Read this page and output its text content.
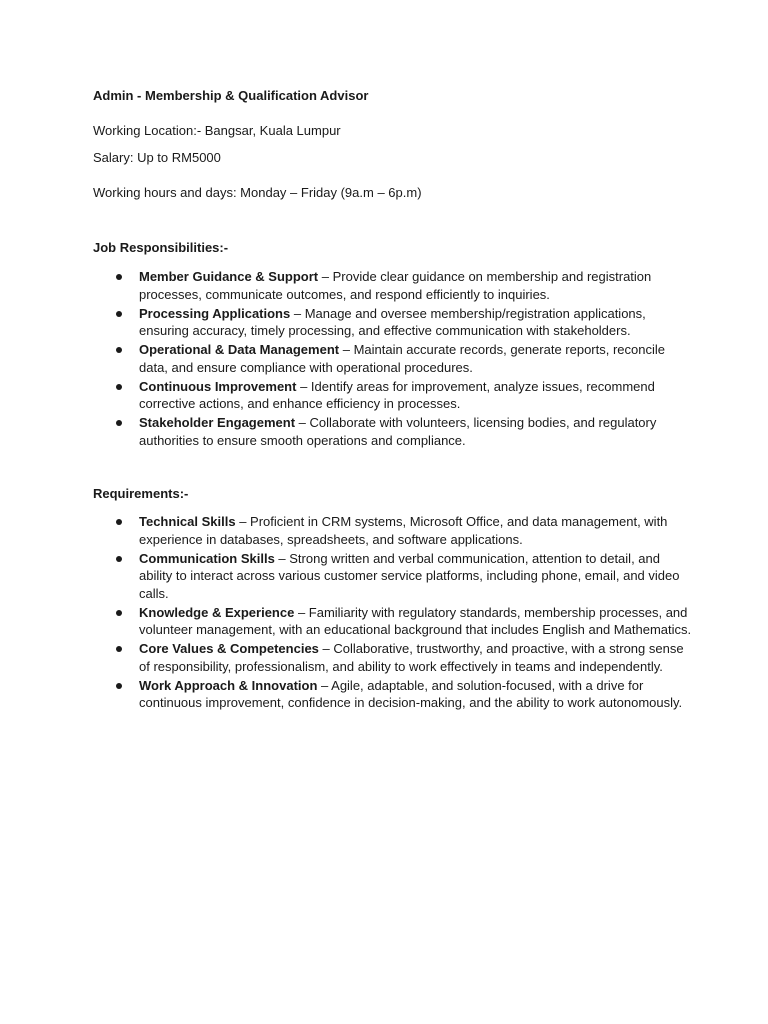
Admin - Membership & Qualification Advisor

Working Location:- Bangsar, Kuala Lumpur

Salary: Up to RM5000

Working hours and days: Monday – Friday (9a.m – 6p.m)

Job Responsibilities:-
Member Guidance & Support – Provide clear guidance on membership and registration processes, communicate outcomes, and respond efficiently to inquiries.
Processing Applications – Manage and oversee membership/registration applications, ensuring accuracy, timely processing, and effective communication with stakeholders.
Operational & Data Management – Maintain accurate records, generate reports, reconcile data, and ensure compliance with operational procedures.
Continuous Improvement – Identify areas for improvement, analyze issues, recommend corrective actions, and enhance efficiency in processes.
Stakeholder Engagement – Collaborate with volunteers, licensing bodies, and regulatory authorities to ensure smooth operations and compliance.
Requirements:-
Technical Skills – Proficient in CRM systems, Microsoft Office, and data management, with experience in databases, spreadsheets, and software applications.
Communication Skills – Strong written and verbal communication, attention to detail, and ability to interact across various customer service platforms, including phone, email, and video calls.
Knowledge & Experience – Familiarity with regulatory standards, membership processes, and volunteer management, with an educational background that includes English and Mathematics.
Core Values & Competencies – Collaborative, trustworthy, and proactive, with a strong sense of responsibility, professionalism, and ability to work effectively in teams and independently.
Work Approach & Innovation – Agile, adaptable, and solution-focused, with a drive for continuous improvement, confidence in decision-making, and the ability to work autonomously.
